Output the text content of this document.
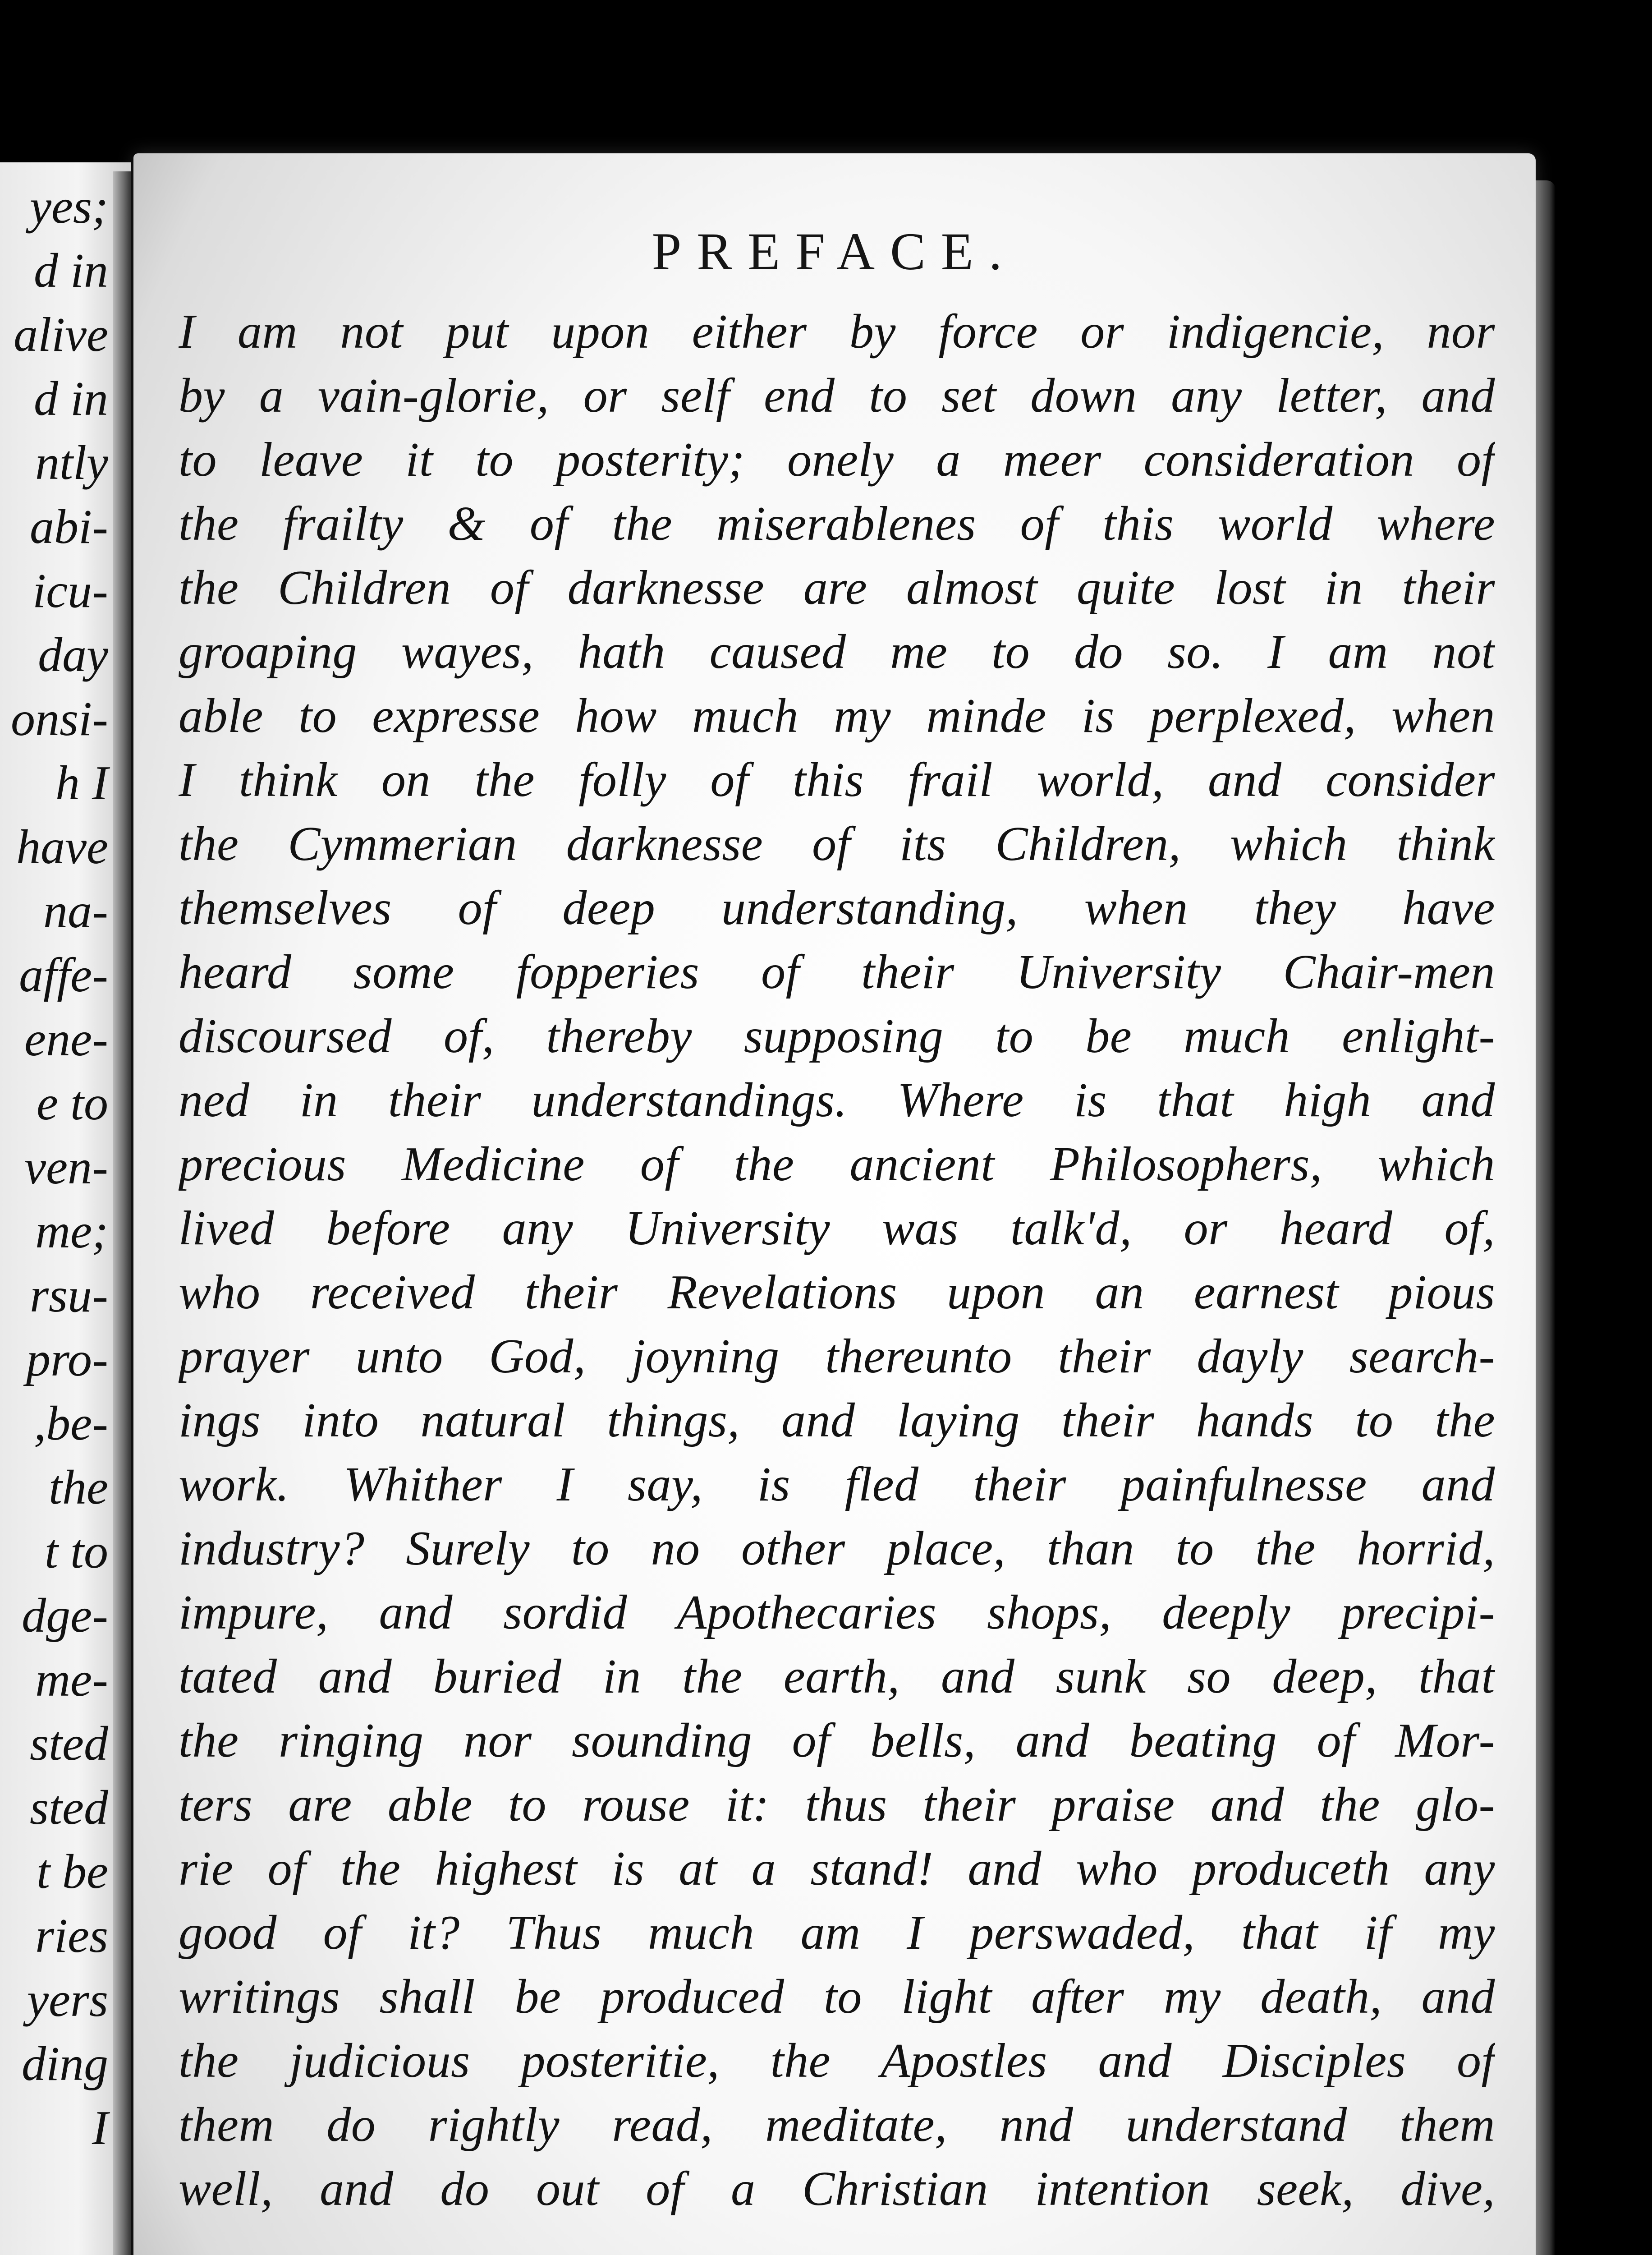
yes;
d in
alive
d in
ntly
abi-
icu-
day
onsi-
h I
have
na-
affe-
ene-
e to
ven-
me;
rsu-
pro-
,be-
the
t to
dge-
me-
sted
sted
t be
ries
yers
ding
I
PREFACE.
I am not put upon either by force or indigencie, nor
by a vain-glorie, or self end to set down any letter, and
to leave it to posterity; onely a meer consideration of
the frailty & of the miserablenes of this world where
the Children of darknesse are almost quite lost in their
groaping wayes, hath caused me to do so. I am not
able to expresse how much my minde is perplexed, when
I think on the folly of this frail world, and consider
the Cymmerian darknesse of its Children, which think
themselves of deep understanding, when they have
heard some fopperies of their University Chair-men
discoursed of, thereby supposing to be much enlight-
ned in their understandings. Where is that high and
precious Medicine of the ancient Philosophers, which
lived before any University was talk'd, or heard of,
who received their Revelations upon an earnest pious
prayer unto God, joyning thereunto their dayly search-
ings into natural things, and laying their hands to the
work. Whither I say, is fled their painfulnesse and
industry? Surely to no other place, than to the horrid,
impure, and sordid Apothecaries shops, deeply precipi-
tated and buried in the earth, and sunk so deep, that
the ringing nor sounding of bells, and beating of Mor-
ters are able to rouse it: thus their praise and the glo-
rie of the highest is at a stand! and who produceth any
good of it? Thus much am I perswaded, that if my
writings shall be produced to light after my death, and
the judicious posteritie, the Apostles and Disciples of
them do rightly read, meditate, nnd understand them
well, and do out of a Christian intention seek, dive,
